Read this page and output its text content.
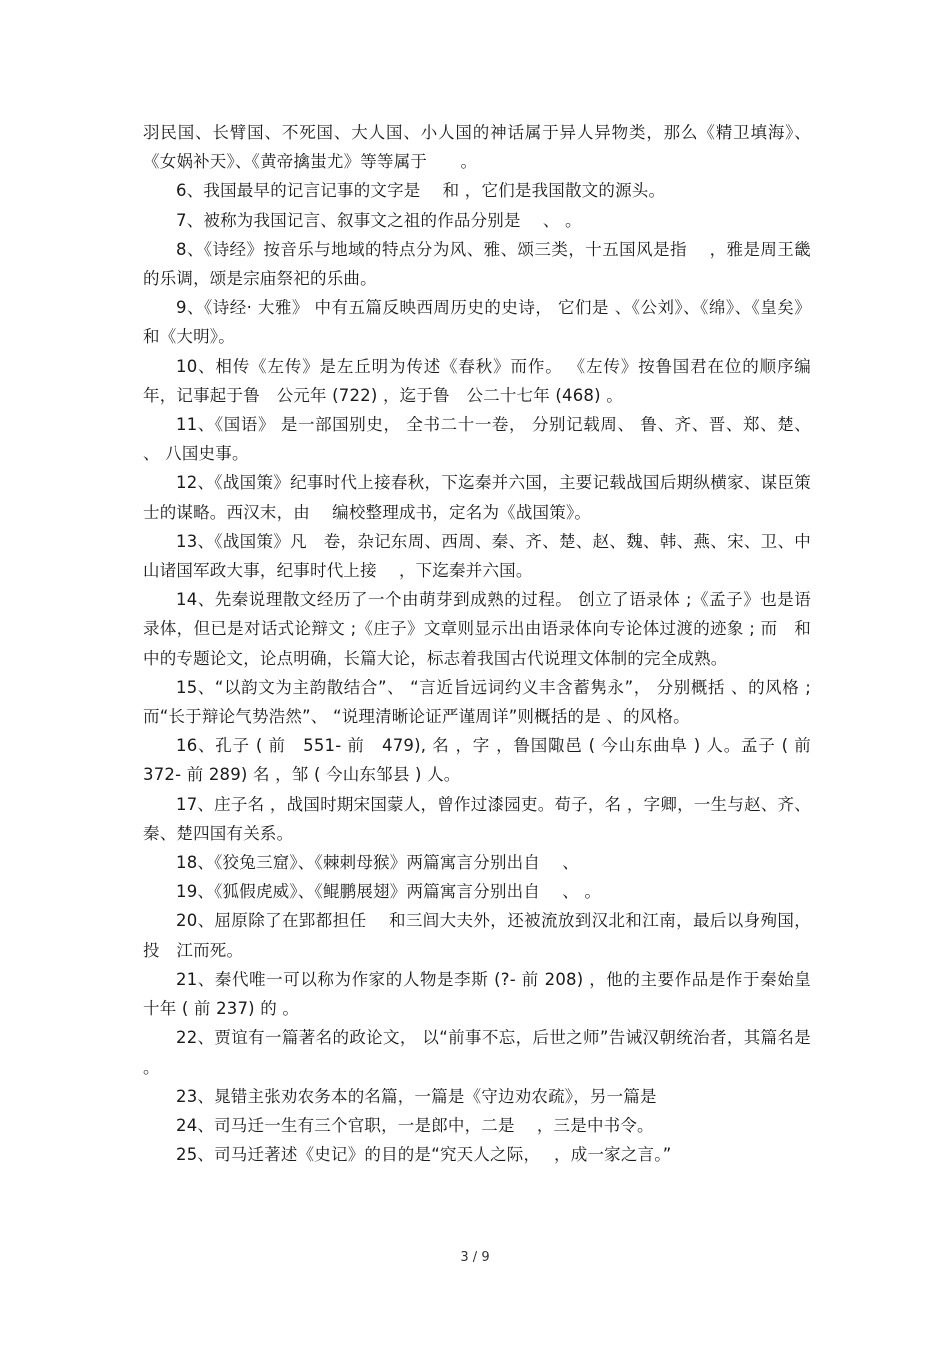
羽民国、长臂国、不死国、大人国、小人国的神话属于异人异物类，那么《精卫填海》、《女娲补天》、《黄帝擒蚩尤》等等属于　　。

6、我国最早的记言记事的文字是　 和 ，它们是我国散文的源头。

7、被称为我国记言、叙事文之祖的作品分别是　 、 。

8、《诗经》按音乐与地域的特点分为风、雅、颂三类，十五国风是指　 ，雅是周王畿的乐调，颂是宗庙祭祀的乐曲。

9、《诗经· 大雅》 中有五篇反映西周历史的史诗， 它们是 、《公刘》、《绵》、《皇矣》和《大明》。

10、相传《左传》是左丘明为传述《春秋》而作。 《左传》按鲁国君在位的顺序编年，记事起于鲁　公元年 (722) ，迄于鲁　公二十七年 (468) 。

11、《国语》 是一部国别史， 全书二十一卷， 分别记载周、 鲁、齐、晋、郑、楚、 、 八国史事。

12、《战国策》纪事时代上接春秋，下迄秦并六国，主要记载战国后期纵横家、谋臣策士的谋略。西汉末，由　 编校整理成书，定名为《战国策》。

13、《战国策》凡　卷，杂记东周、西周、秦、齐、楚、赵、魏、韩、燕、宋、卫、中山诸国军政大事，纪事时代上接　 ，下迄秦并六国。

14、先秦说理散文经历了一个由萌芽到成熟的过程。 创立了语录体 ;《孟子》也是语录体，但已是对话式论辩文 ;《庄子》文章则显示出由语录体向专论体过渡的迹象 ; 而　和　中的专题论文，论点明确，长篇大论，标志着我国古代说理文体制的完全成熟。

15、“以韵文为主韵散结合”、 “言近旨远词约义丰含蓄隽永”， 分别概括 、的风格 ; 而“长于辩论气势浩然”、 “说理清晰论证严谨周详”则概括的是 、的风格。

16、孔子 ( 前　551- 前　479), 名 ，字 ，鲁国陬邑 ( 今山东曲阜 ) 人。孟子 ( 前 372- 前 289) 名 ，邹 ( 今山东邹县 ) 人。

17、庄子名 ，战国时期宋国蒙人，曾作过漆园吏。荀子，名 ，字卿，一生与赵、齐、秦、楚四国有关系。

18、《狡兔三窟》、《棘刺母猴》两篇寓言分别出自　 、

19、《狐假虎威》、《鲲鹏展翅》两篇寓言分别出自　 、 。

20、屈原除了在郢都担任　 和三闾大夫外，还被流放到汉北和江南，最后以身殉国，投　江而死。

21、秦代唯一可以称为作家的人物是李斯 (?- 前 208) ，他的主要作品是作于秦始皇十年 ( 前 237) 的 。

22、贾谊有一篇著名的政论文， 以“前事不忘，后世之师”告诫汉朝统治者，其篇名是 。

23、晁错主张劝农务本的名篇，一篇是《守边劝农疏》，另一篇是

24、司马迁一生有三个官职，一是郎中，二是　 ，三是中书令。

25、司马迁著述《史记》的目的是“究天人之际，　 ，成一家之言。”

3 / 9
